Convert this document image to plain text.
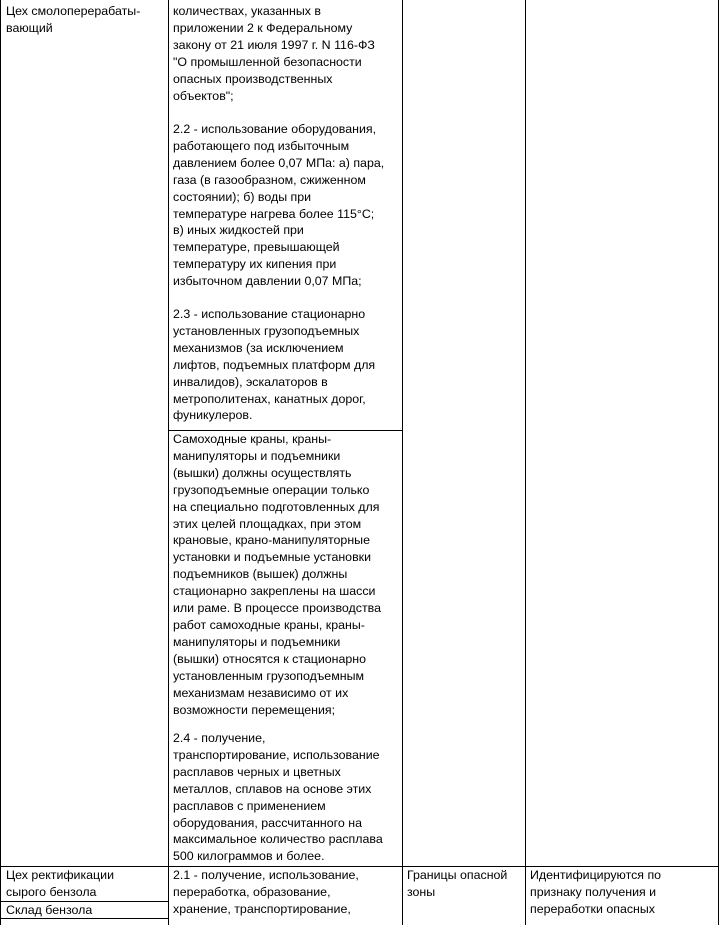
Цех смолоперерабаты-
вающий
количествах, указанных в
приложении 2 к Федеральному
закону от 21 июля 1997 г. N 116-ФЗ
"О промышленной безопасности
опасных производственных
объектов";
2.2 - использование оборудования,
работающего под избыточным
давлением более 0,07 МПа: а) пара,
газа (в газообразном, сжиженном
состоянии); б) воды при
температуре нагрева более 115°С;
в) иных жидкостей при
температуре, превышающей
температуру их кипения при
избыточном давлении 0,07 МПа;
2.3 - использование стационарно
установленных грузоподъемных
механизмов (за исключением
лифтов, подъемных платформ для
инвалидов), эскалаторов в
метрополитенах, канатных дорог,
фуникулеров.
Самоходные краны, краны-
манипуляторы и подъемники
(вышки) должны осуществлять
грузоподъемные операции только
на специально подготовленных для
этих целей площадках, при этом
крановые, крано-манипуляторные
установки и подъемные установки
подъемников (вышек) должны
стационарно закреплены на шасси
или раме. В процессе производства
работ самоходные краны, краны-
манипуляторы и подъемники
(вышки) относятся к стационарно
установленным грузоподъемным
механизмам независимо от их
возможности перемещения;
2.4 - получение,
транспортирование, использование
расплавов черных и цветных
металлов, сплавов на основе этих
расплавов с применением
оборудования, рассчитанного на
максимальное количество расплава
500 килограммов и более.
Цех ректификации
сырого бензола
Склад бензола
2.1 - получение, использование,
переработка, образование,
хранение, транспортирование,
Границы опасной
зоны
Идентифицируются по
признаку получения и
переработки опасных
